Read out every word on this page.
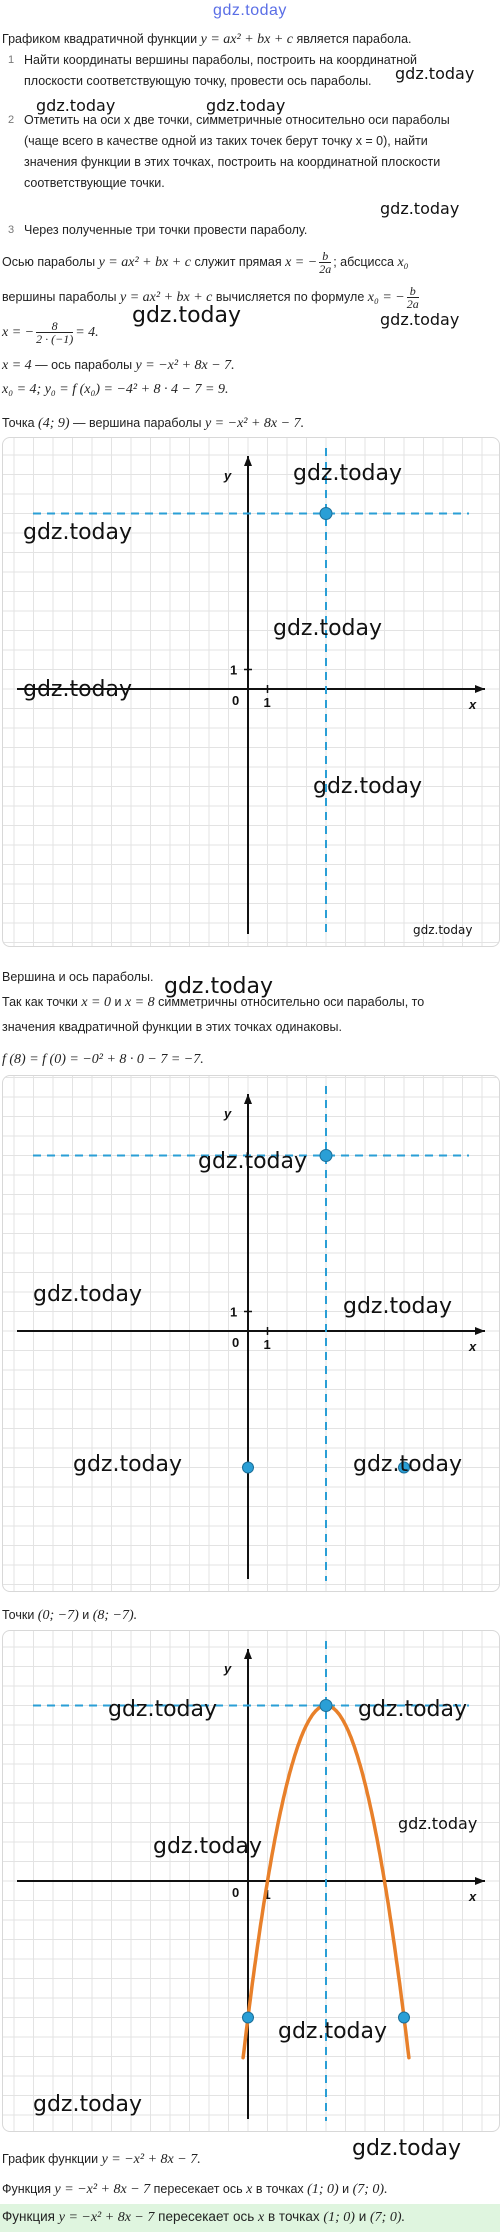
gdz.today
Графиком квадратичной функции y = ax² + bx + c является парабола.
1 Найти координаты вершины параболы, построить на координатной плоскости соответствующую точку, провести ось параболы.
2 Отметить на оси x две точки, симметричные относительно оси параболы (чаще всего в качестве одной из таких точек берут точку x = 0), найти значения функции в этих точках, построить на координатной плоскости соответствующие точки.
3 Через полученные три точки провести параболу.
Осью параболы y = ax² + bx + c служит прямая x = − $\frac{b}{2a}$ ; абсцисса x₀
вершины параболы y = ax² + bx + c вычисляется по формуле x₀ = − $\frac{b}{2a}$
x = − $\frac{8}{2 \cdot (-1)} = 4$.
x = 4 — ось параболы y = −x² + 8x − 7.
x₀ = 4; y₀ = f (x₀) = −4² + 8 · 4 − 7 = 9.
Точка (4; 9) — вершина параболы y = −x² + 8x − 7.
x
y
0 1
1
gdz.today
gdz.today
gdz.today
gdz.today
gdz.today
gdz.today
Вершина и ось параболы.
Так как точки x = 0 и x = 8 симметричны относительно оси параболы, то
значения квадратичной функции в этих точках одинаковы.
f (8) = f (0) = −0² + 8 · 0 − 7 = −7.
x
y
0 1
1
gdz.today
gdz.today	gdz.today
gdz.today	gdz.today
Точки (0; −7) и (8; −7).
x
y
0 1
gdz.today	gdz.today
gdz.today
gdz.today
gdz.today
gdz.today
График функции y = −x² + 8x − 7.
Функция y = −x² + 8x − 7 пересекает ось x в точках (1; 0) и (7; 0).
Функция y = −x² + 8x − 7 пересекает ось x в точках (1; 0) и (7; 0).
gdz.today
gdz.today	gdz.today
gdz.today
gdz.today
gdz.today
gdz.today
gdz.today
